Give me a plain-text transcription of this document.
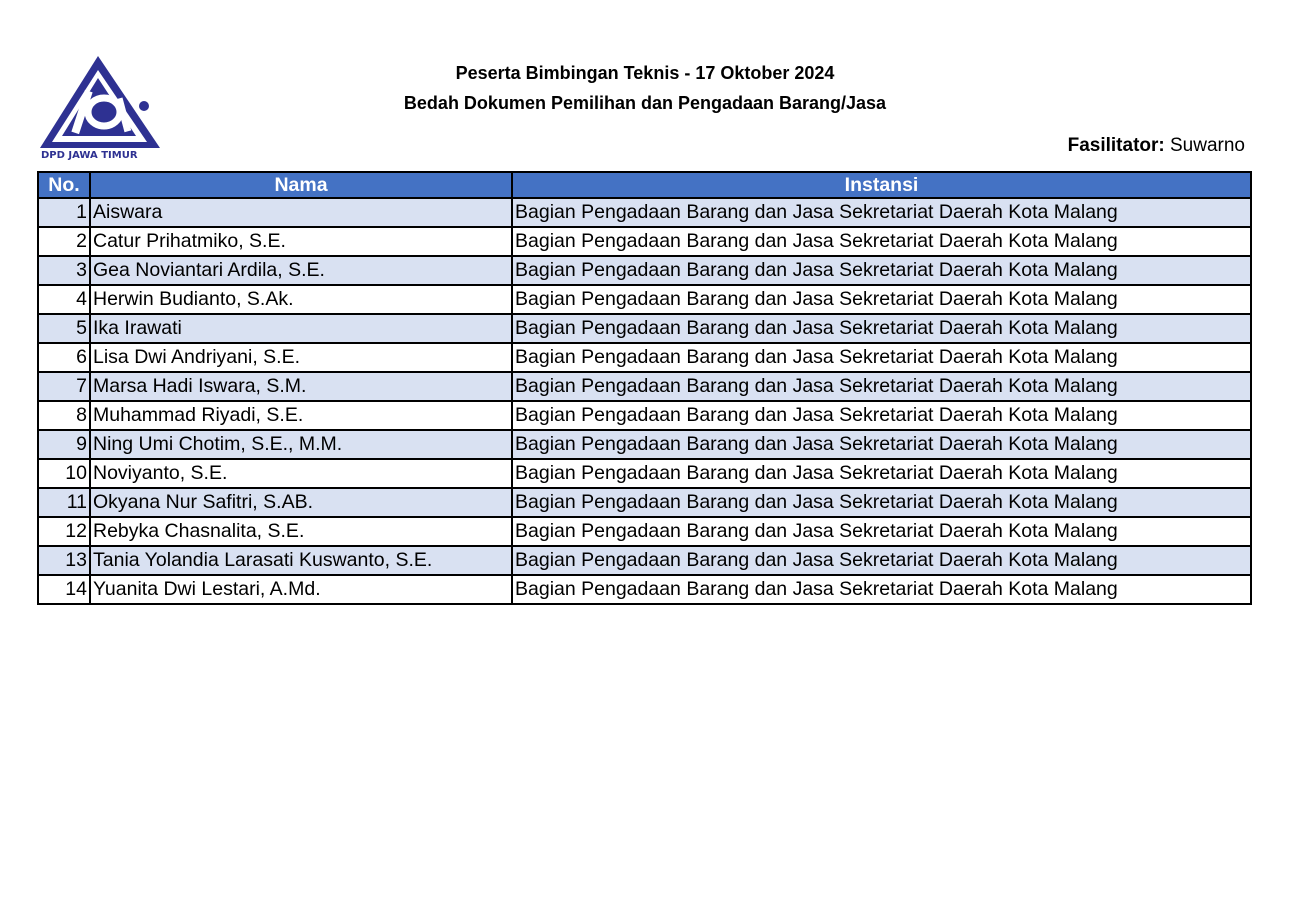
DPD JAWA TIMUR
Peserta Bimbingan Teknis - 17 Oktober 2024
Bedah Dokumen Pemilihan dan Pengadaan Barang/Jasa
Fasilitator: Suwarno
No.	Nama	Instansi
1	Aiswara	Bagian Pengadaan Barang dan Jasa Sekretariat Daerah Kota Malang
2	Catur Prihatmiko, S.E.	Bagian Pengadaan Barang dan Jasa Sekretariat Daerah Kota Malang
3	Gea Noviantari Ardila, S.E.	Bagian Pengadaan Barang dan Jasa Sekretariat Daerah Kota Malang
4	Herwin Budianto, S.Ak.	Bagian Pengadaan Barang dan Jasa Sekretariat Daerah Kota Malang
5	Ika Irawati	Bagian Pengadaan Barang dan Jasa Sekretariat Daerah Kota Malang
6	Lisa Dwi Andriyani, S.E.	Bagian Pengadaan Barang dan Jasa Sekretariat Daerah Kota Malang
7	Marsa Hadi Iswara, S.M.	Bagian Pengadaan Barang dan Jasa Sekretariat Daerah Kota Malang
8	Muhammad Riyadi, S.E.	Bagian Pengadaan Barang dan Jasa Sekretariat Daerah Kota Malang
9	Ning Umi Chotim, S.E., M.M.	Bagian Pengadaan Barang dan Jasa Sekretariat Daerah Kota Malang
10	Noviyanto, S.E.	Bagian Pengadaan Barang dan Jasa Sekretariat Daerah Kota Malang
11	Okyana Nur Safitri, S.AB.	Bagian Pengadaan Barang dan Jasa Sekretariat Daerah Kota Malang
12	Rebyka Chasnalita, S.E.	Bagian Pengadaan Barang dan Jasa Sekretariat Daerah Kota Malang
13	Tania Yolandia Larasati Kuswanto, S.E.	Bagian Pengadaan Barang dan Jasa Sekretariat Daerah Kota Malang
14	Yuanita Dwi Lestari, A.Md.	Bagian Pengadaan Barang dan Jasa Sekretariat Daerah Kota Malang
